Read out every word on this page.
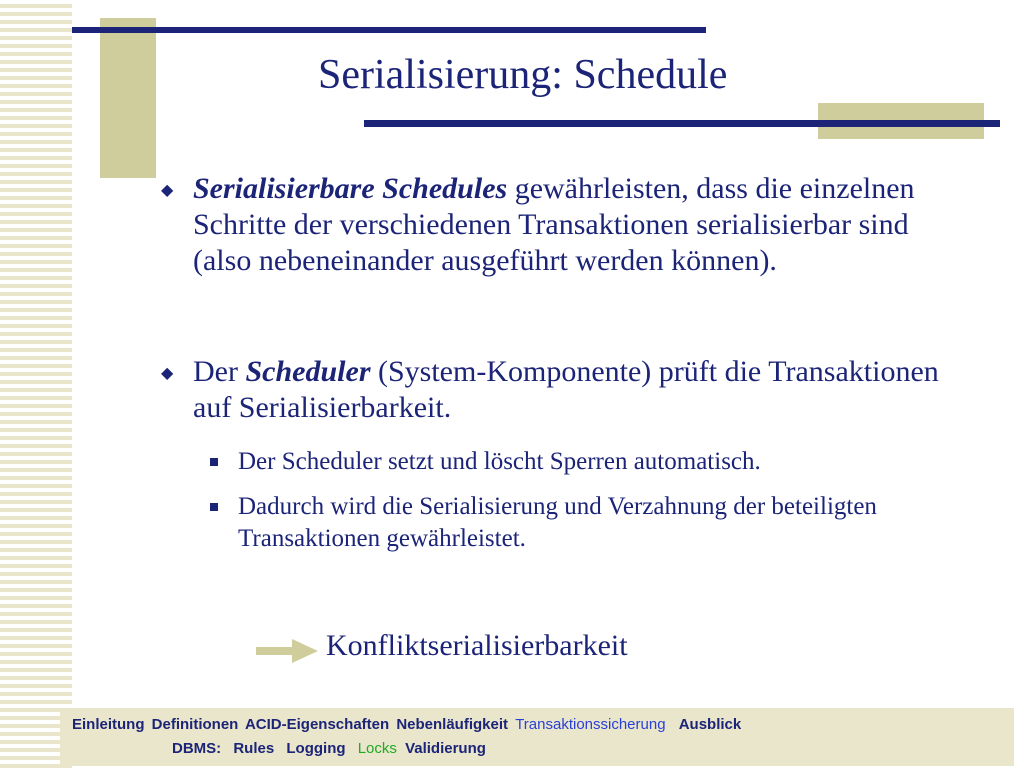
Serialisierung: Schedule
◆ Serialisierbare Schedules gewährleisten, dass die einzelnen Schritte der verschiedenen Transaktionen serialisierbar sind (also nebeneinander ausgeführt werden können).
◆ Der Scheduler (System-Komponente) prüft die Transaktionen auf Serialisierbarkeit.
Der Scheduler setzt und löscht Sperren automatisch.
Dadurch wird die Serialisierung und Verzahnung der beteiligten Transaktionen gewährleistet.
Konfliktserialisierbarkeit
Einleitung Definitionen ACID-Eigenschaften Nebenläufigkeit Transaktionssicherung Ausblick
DBMS: Rules Logging Locks Validierung
